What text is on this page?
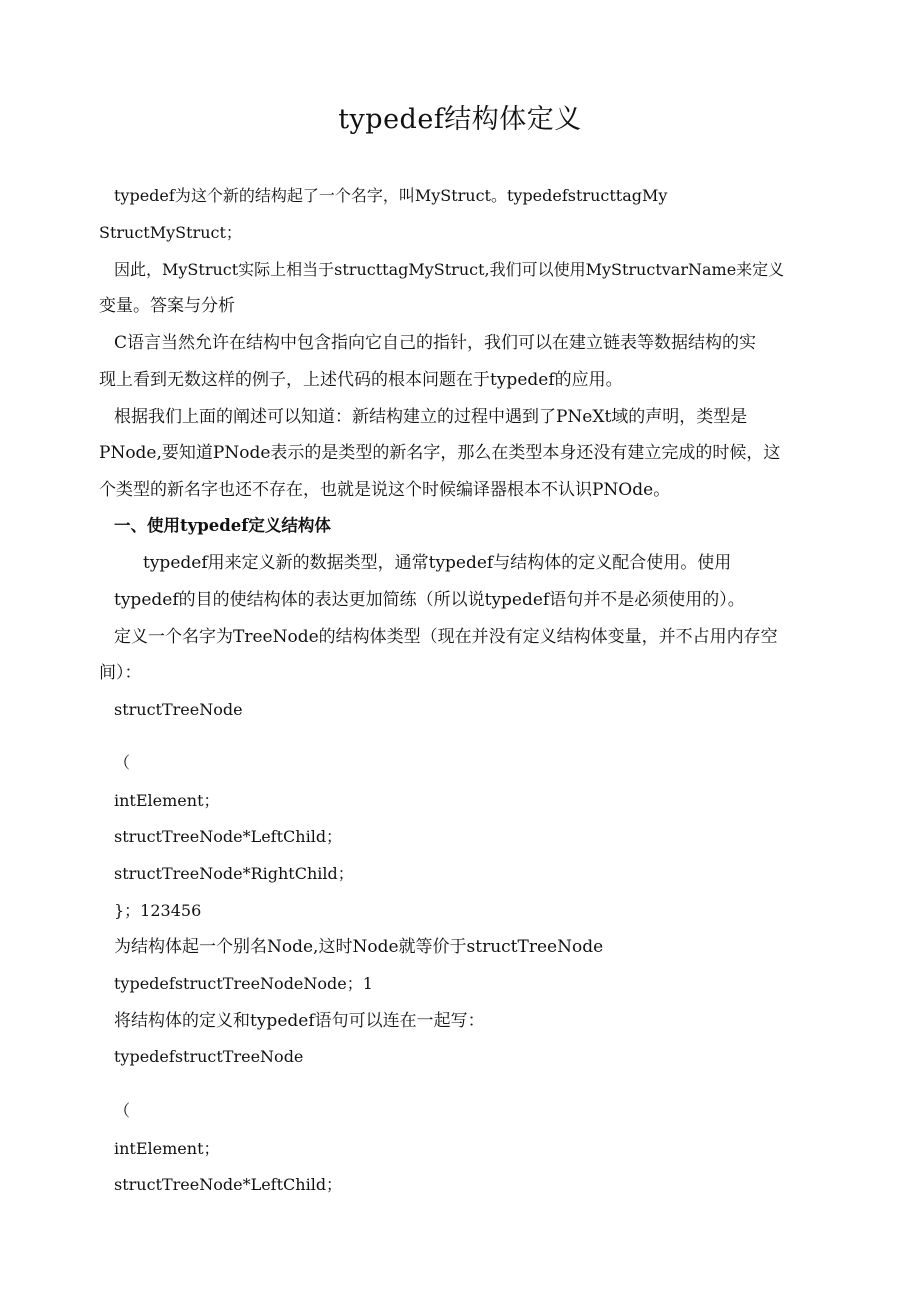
typedef结构体定义

typedef为这个新的结构起了一个名字，叫MyStruct。typedefstructtagMy

StructMyStruct；

因此，MyStruct实际上相当于structtagMyStruct,我们可以使用MyStructvarName来定义

变量。答案与分析

C语言当然允许在结构中包含指向它自己的指针，我们可以在建立链表等数据结构的实

现上看到无数这样的例子，上述代码的根本问题在于typedef的应用。

根据我们上面的阐述可以知道：新结构建立的过程中遇到了PNeXt域的声明，类型是

PNode,要知道PNode表示的是类型的新名字，那么在类型本身还没有建立完成的时候，这

个类型的新名字也还不存在，也就是说这个时候编译器根本不认识PNOde。

一、使用typedef定义结构体

typedef用来定义新的数据类型，通常typedef与结构体的定义配合使用。使用

typedef的目的使结构体的表达更加简练（所以说typedef语句并不是必须使用的）。

定义一个名字为TreeNode的结构体类型（现在并没有定义结构体变量，并不占用内存空

间）：

structTreeNode

（

intElement；

structTreeNode*LeftChild；

structTreeNode*RightChild；

}；123456

为结构体起一个别名Node,这时Node就等价于structTreeNode

typedefstructTreeNodeNode；1

将结构体的定义和typedef语句可以连在一起写：

typedefstructTreeNode

（

intElement；

structTreeNode*LeftChild；
